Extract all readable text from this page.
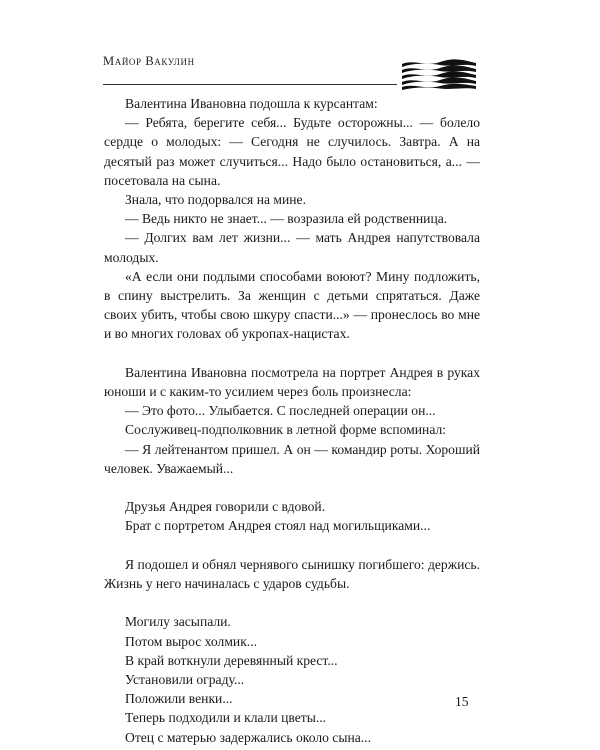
Майор Вакулин

Валентина Ивановна подошла к курсантам:

— Ребята, берегите себя... Будьте осторожны... — болело сердце о молодых: — Сегодня не случилось. Завтра. А на десятый раз может случиться... Надо было остановиться, а... — посетовала на сына.

Знала, что подорвался на мине.

— Ведь никто не знает... — возразила ей родственница.

— Долгих вам лет жизни... — мать Андрея напутствовала молодых.

«А если они подлыми способами воюют? Мину подложить, в спину выстрелить. За женщин с детьми спрятаться. Даже своих убить, чтобы свою шкуру спасти...» — пронеслось во мне и во многих головах об укропах-нацистах.

Валентина Ивановна посмотрела на портрет Андрея в руках юноши и с каким-то усилием через боль произнесла:

— Это фото... Улыбается. С последней операции он...

Сослуживец-подполковник в летной форме вспоминал:

— Я лейтенантом пришел. А он — командир роты. Хороший человек. Уважаемый...

Друзья Андрея говорили с вдовой.

Брат с портретом Андрея стоял над могильщиками...

Я подошел и обнял чернявого сынишку погибшего: держись. Жизнь у него начиналась с ударов судьбы.

Могилу засыпали.

Потом вырос холмик...

В край воткнули деревянный крест...

Установили ограду...

Положили венки...

Теперь подходили и клали цветы...

Отец с матерью задержались около сына...

15
